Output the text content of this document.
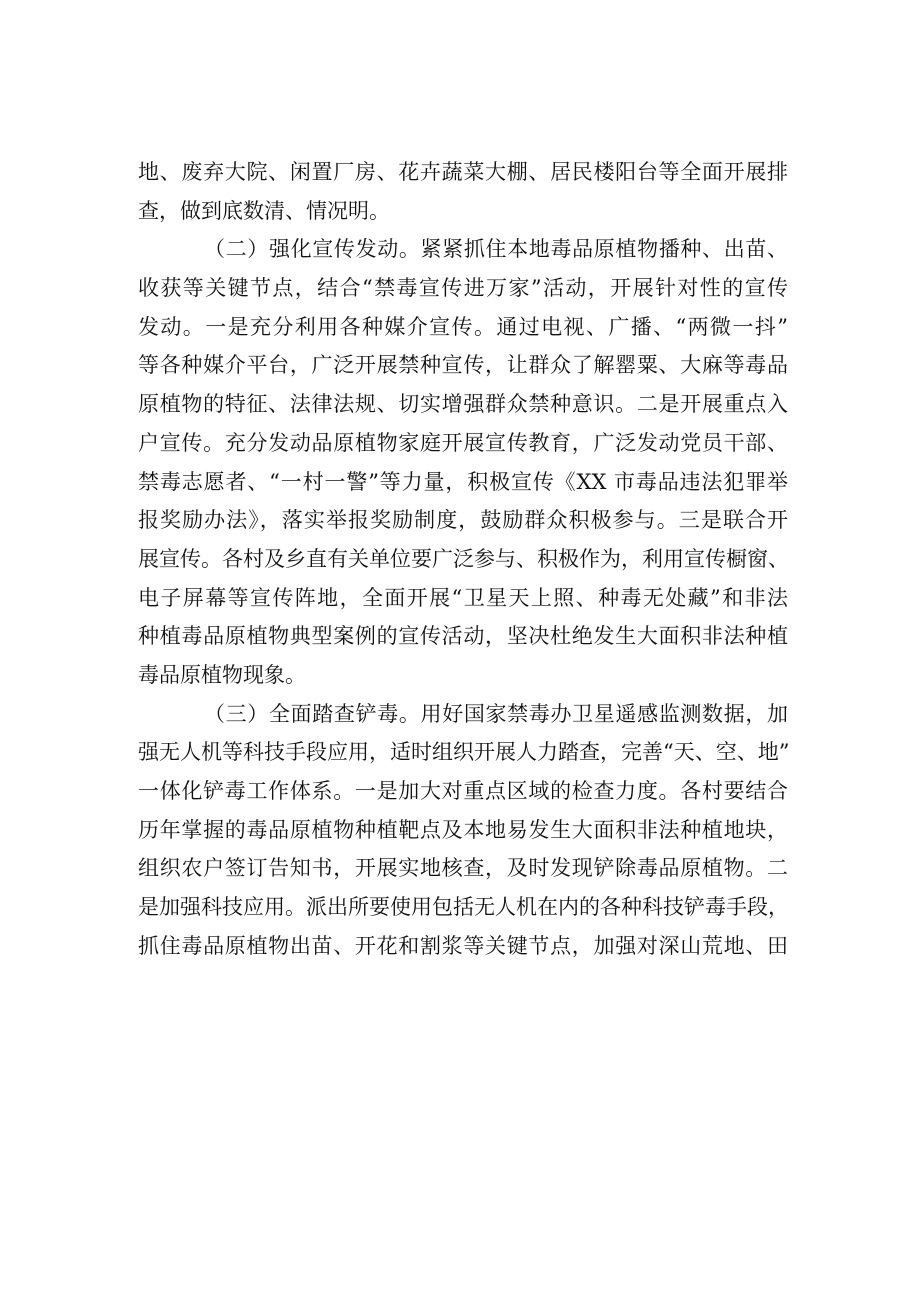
地、废弃大院、闲置厂房、花卉蔬菜大棚、居民楼阳台等全面开展排
查，做到底数清、情况明。
（二）强化宣传发动。紧紧抓住本地毒品原植物播种、出苗、
收获等关键节点，结合“禁毒宣传进万家”活动，开展针对性的宣传
发动。一是充分利用各种媒介宣传。通过电视、广播、“两微一抖”
等各种媒介平台，广泛开展禁种宣传，让群众了解罂粟、大麻等毒品
原植物的特征、法律法规、切实增强群众禁种意识。二是开展重点入
户宣传。充分发动品原植物家庭开展宣传教育，广泛发动党员干部、
禁毒志愿者、“一村一警”等力量，积极宣传《XX 市毒品违法犯罪举
报奖励办法》，落实举报奖励制度，鼓励群众积极参与。三是联合开
展宣传。各村及乡直有关单位要广泛参与、积极作为，利用宣传橱窗、
电子屏幕等宣传阵地，全面开展“卫星天上照、种毒无处藏”和非法
种植毒品原植物典型案例的宣传活动，坚决杜绝发生大面积非法种植
毒品原植物现象。
（三）全面踏查铲毒。用好国家禁毒办卫星遥感监测数据，加
强无人机等科技手段应用，适时组织开展人力踏查，完善“天、空、地”
一体化铲毒工作体系。一是加大对重点区域的检查力度。各村要结合
历年掌握的毒品原植物种植靶点及本地易发生大面积非法种植地块，
组织农户签订告知书，开展实地核查，及时发现铲除毒品原植物。二
是加强科技应用。派出所要使用包括无人机在内的各种科技铲毒手段，
抓住毒品原植物出苗、开花和割浆等关键节点，加强对深山荒地、田
